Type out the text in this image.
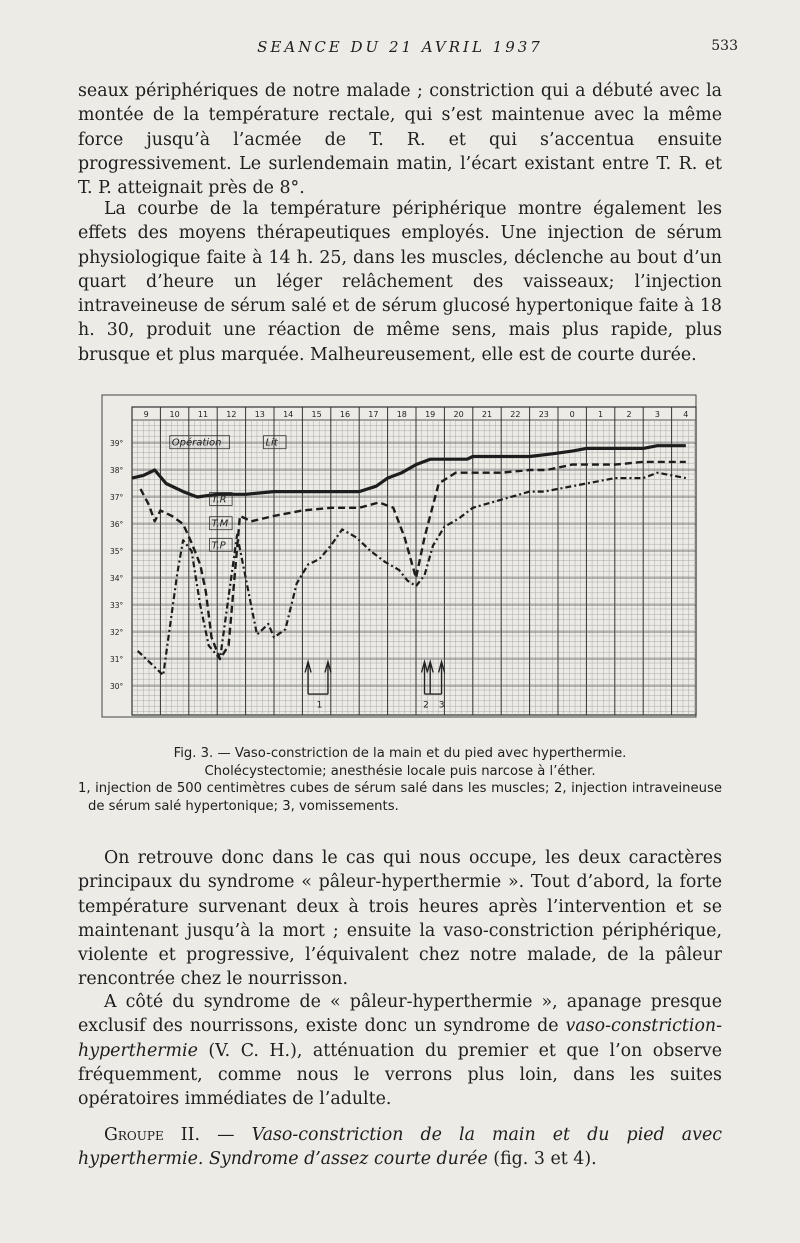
SEANCE DU 21 AVRIL 1937	533

seaux périphériques de notre malade ; constriction qui a débuté avec la montée de la température rectale, qui s’est maintenue avec la même force jusqu’à l’acmée de T. R. et qui s’accentua ensuite progressivement. Le surlendemain matin, l’écart existant entre T. R. et T. P. atteignait près de 8°.

La courbe de la température périphérique montre également les effets des moyens thérapeutiques employés. Une injection de sérum physiologique faite à 14 h. 25, dans les muscles, déclenche au bout d’un quart d’heure un léger relâchement des vaisseaux; l’injection intraveineuse de sérum salé et de sérum glucosé hypertonique faite à 18 h. 30, produit une réaction de même sens, mais plus rapide, plus brusque et plus marquée. Malheureusement, elle est de courte durée.

9	10 11 12 13 14 15 16 17 18 19 20 21 22 23	0	1	2	3	4
39°
38°
37°
36°
35°
34°
33°
32°
31°
30°
Opération	Lit
T.R
T.M
T.P
1	2 3

Fig. 3. — Vaso-constriction de la main et du pied avec hyperthermie.

Cholécystectomie; anesthésie locale puis narcose à l’éther.

1, injection de 500 centimètres cubes de sérum salé dans les muscles; 2, injection intraveineuse de sérum salé hypertonique; 3, vomissements.

On retrouve donc dans le cas qui nous occupe, les deux caractères principaux du syndrome « pâleur-hyperthermie ». Tout d’abord, la forte température survenant deux à trois heures après l’intervention et se maintenant jusqu’à la mort ; ensuite la vaso-constriction périphérique, violente et progressive, l’équivalent chez notre malade, de la pâleur rencontrée chez le nourrisson.

A côté du syndrome de « pâleur-hyperthermie », apanage presque exclusif des nourrissons, existe donc un syndrome de vaso-constriction-hyperthermie (V. C. H.), atténuation du premier et que l’on observe fréquemment, comme nous le verrons plus loin, dans les suites opératoires immédiates de l’adulte.

Groupe II. — Vaso-constriction de la main et du pied avec hyperthermie. Syndrome d’assez courte durée (fig. 3 et 4).
